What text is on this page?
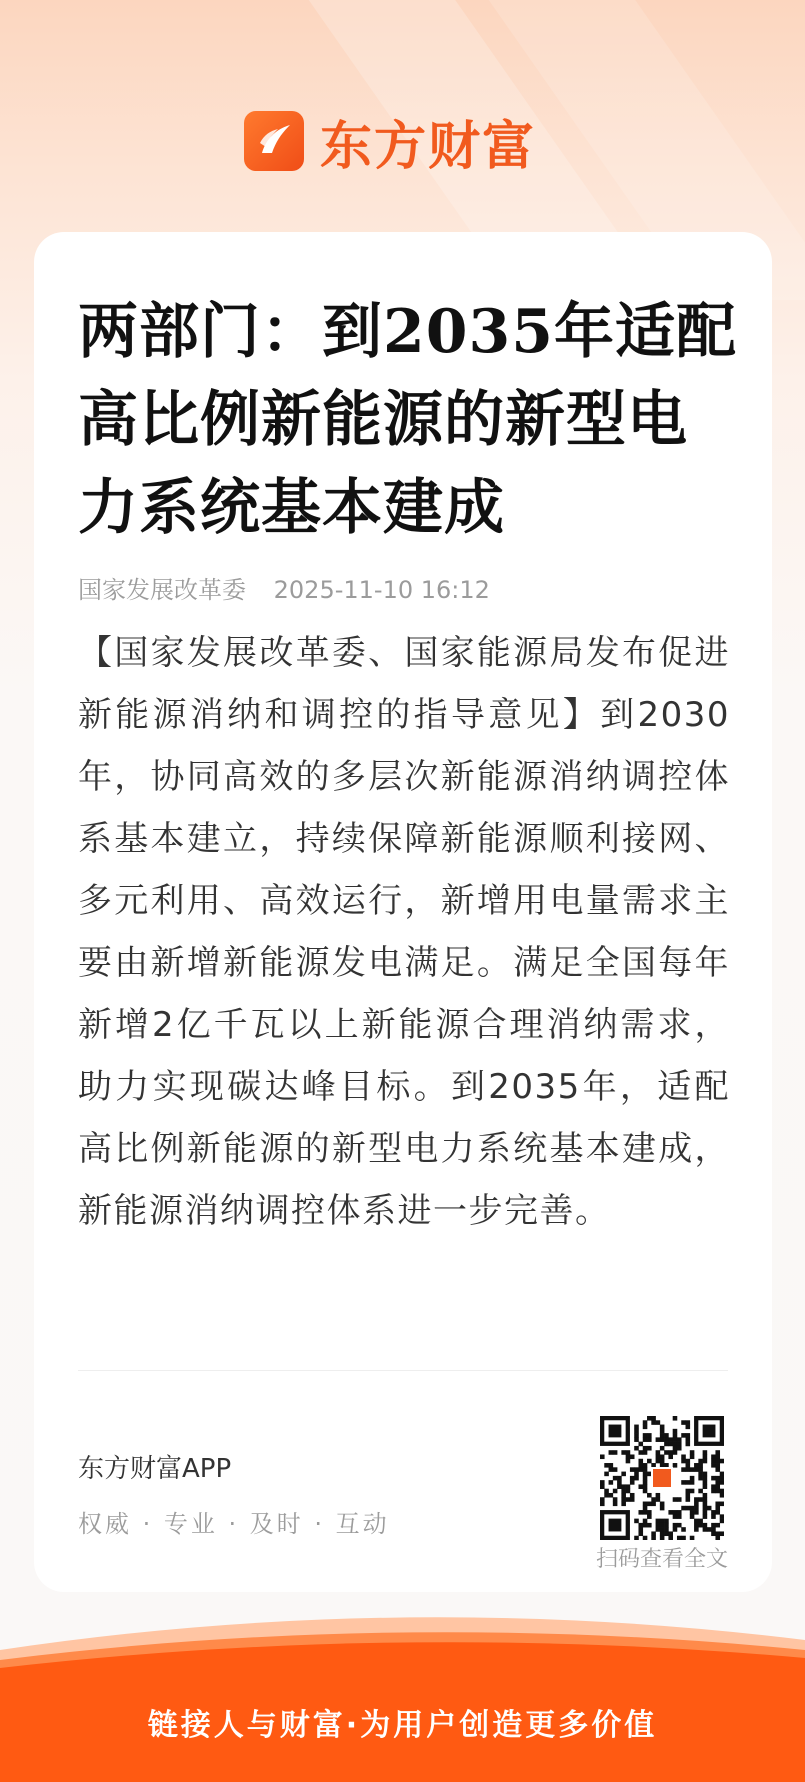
东方财富
两部门：到2035年适配高比例新能源的新型电力系统基本建成
国家发展改革委 2025-11-10 16:12
【国家发展改革委、国家能源局发布促进新能源消纳和调控的指导意见】到2030年，协同高效的多层次新能源消纳调控体系基本建立，持续保障新能源顺利接网、多元利用、高效运行，新增用电量需求主要由新增新能源发电满足。满足全国每年新增2亿千瓦以上新能源合理消纳需求，助力实现碳达峰目标。到2035年，适配高比例新能源的新型电力系统基本建成，新能源消纳调控体系进一步完善。
东方财富APP
权威 · 专业 · 及时 · 互动
扫码查看全文
链接人与财富·为用户创造更多价值
